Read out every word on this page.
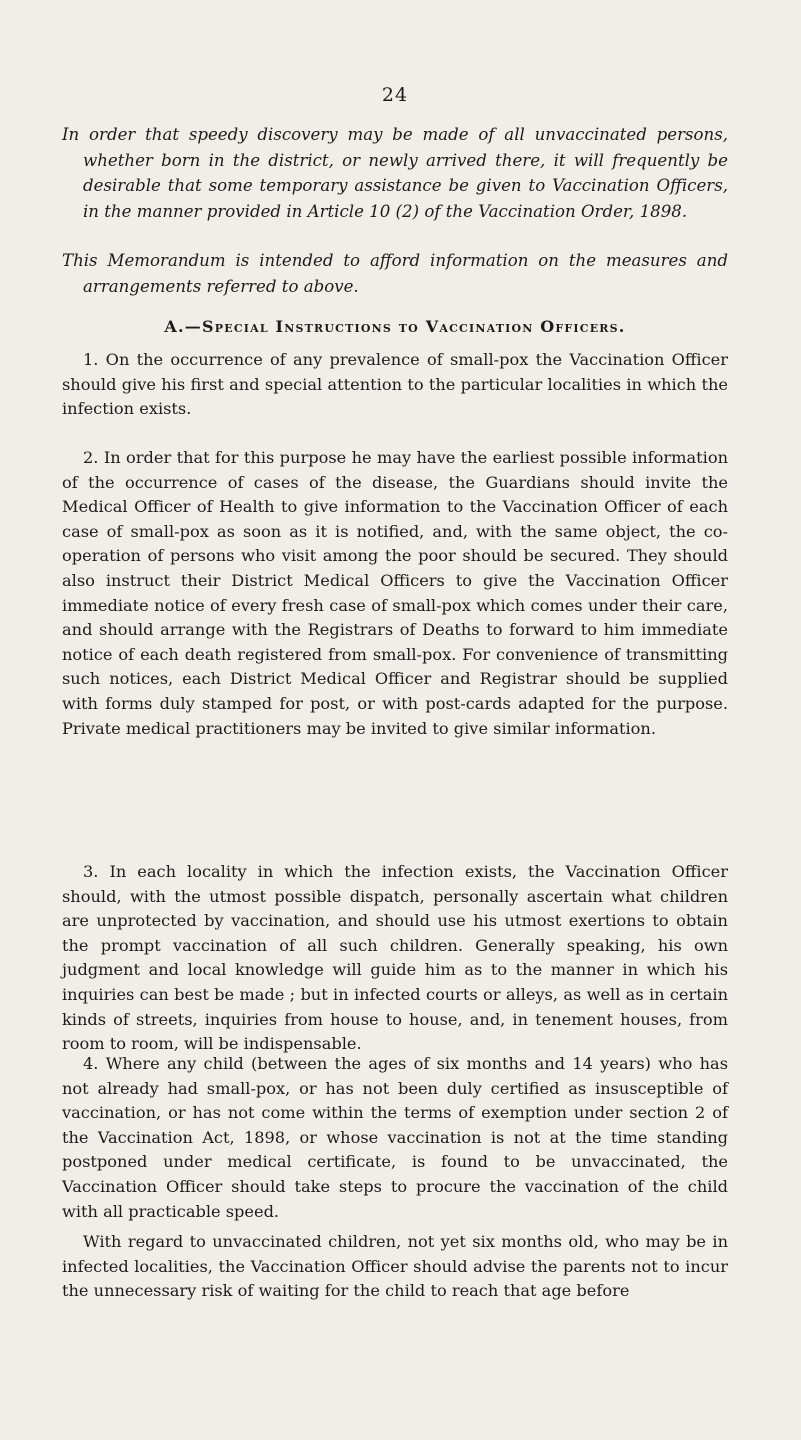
24

In order that speedy discovery may be made of all unvaccinated persons, whether born in the district, or newly arrived there, it will frequently be desirable that some temporary assistance be given to Vaccination Officers, in the manner provided in Article 10 (2) of the Vaccination Order, 1898.

This Memorandum is intended to afford information on the measures and arrangements referred to above.

A.—Special Instructions to Vaccination Officers.

1. On the occurrence of any prevalence of small-pox the Vaccination Officer should give his first and special attention to the particular localities in which the infection exists.

2. In order that for this purpose he may have the earliest possible information of the occurrence of cases of the disease, the Guardians should invite the Medical Officer of Health to give information to the Vaccination Officer of each case of small-pox as soon as it is notified, and, with the same object, the co-operation of persons who visit among the poor should be secured. They should also instruct their District Medical Officers to give the Vaccination Officer immediate notice of every fresh case of small-pox which comes under their care, and should arrange with the Registrars of Deaths to forward to him immediate notice of each death registered from small-pox. For convenience of transmitting such notices, each District Medical Officer and Registrar should be supplied with forms duly stamped for post, or with post-cards adapted for the purpose. Private medical practitioners may be invited to give similar information.

3. In each locality in which the infection exists, the Vaccination Officer should, with the utmost possible dispatch, personally ascertain what children are unprotected by vaccination, and should use his utmost exertions to obtain the prompt vaccination of all such children. Generally speaking, his own judgment and local knowledge will guide him as to the manner in which his inquiries can best be made ; but in infected courts or alleys, as well as in certain kinds of streets, inquiries from house to house, and, in tenement houses, from room to room, will be indispensable.

4. Where any child (between the ages of six months and 14 years) who has not already had small-pox, or has not been duly certified as insusceptible of vaccination, or has not come within the terms of exemption under section 2 of the Vaccination Act, 1898, or whose vaccination is not at the time standing postponed under medical certificate, is found to be unvaccinated, the Vaccination Officer should take steps to procure the vaccination of the child with all practicable speed.

With regard to unvaccinated children, not yet six months old, who may be in infected localities, the Vaccination Officer should advise the parents not to incur the unnecessary risk of waiting for the child to reach that age before
